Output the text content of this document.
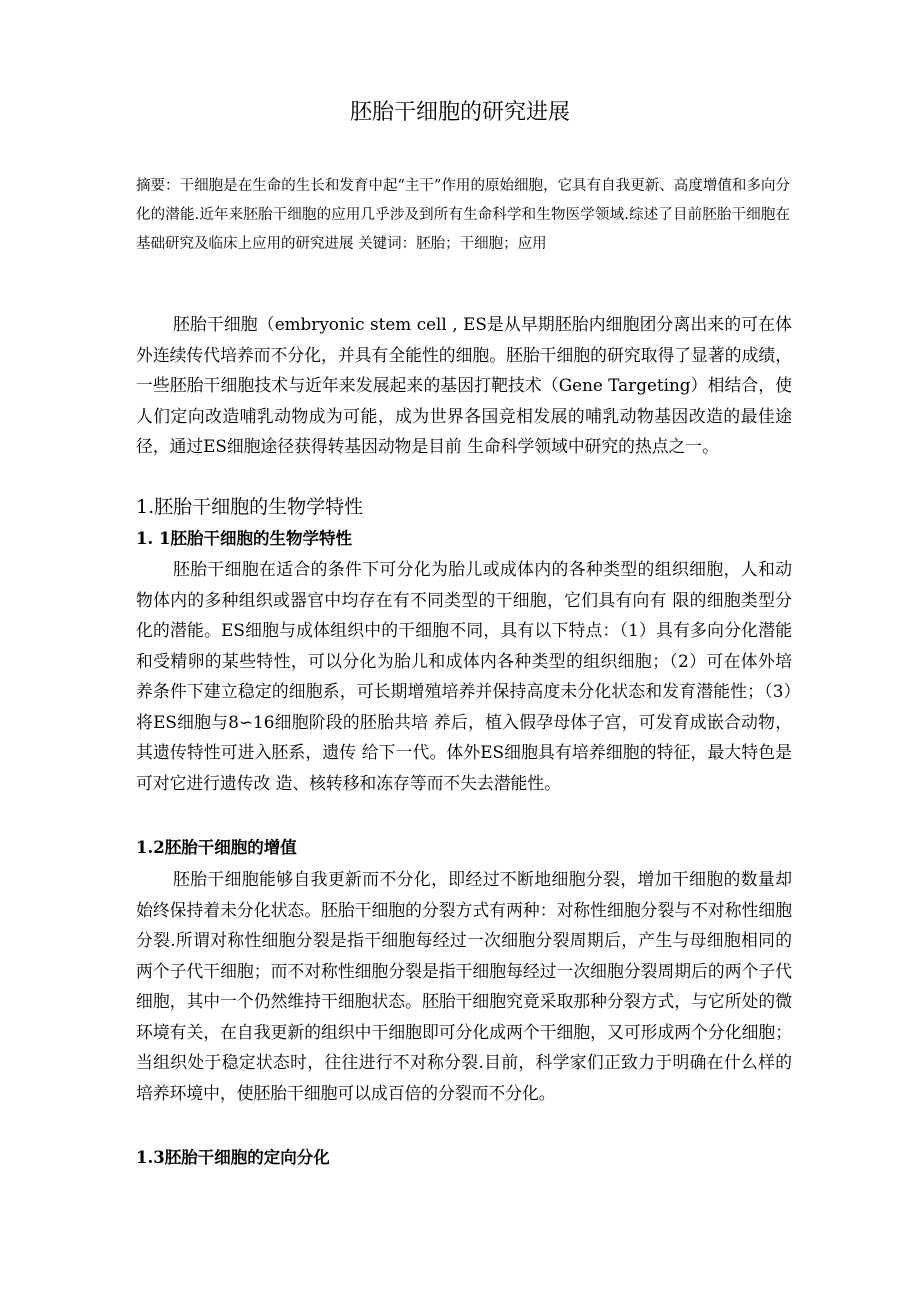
胚胎干细胞的研究进展

摘要：干细胞是在生命的生长和发育中起“主干”作用的原始细胞，它具有自我更新、高度增值和多向分化的潜能.近年来胚胎干细胞的应用几乎涉及到所有生命科学和生物医学领域.综述了目前胚胎干细胞在基础研究及临床上应用的研究进展 关键词：胚胎；干细胞；应用

胚胎干细胞（embryonic stem cell , ES是从早期胚胎内细胞团分离出来的可在体外连续传代培养而不分化，并具有全能性的细胞。胚胎干细胞的研究取得了显著的成绩，一些胚胎干细胞技术与近年来发展起来的基因打靶技术（Gene Targeting）相结合，使人们定向改造哺乳动物成为可能，成为世界各国竞相发展的哺乳动物基因改造的最佳途径，通过ES细胞途径获得转基因动物是目前 生命科学领域中研究的热点之一。

1.胚胎干细胞的生物学特性
1. 1胚胎干细胞的生物学特性

胚胎干细胞在适合的条件下可分化为胎儿或成体内的各种类型的组织细胞，人和动物体内的多种组织或器官中均存在有不同类型的干细胞，它们具有向有 限的细胞类型分化的潜能。ES细胞与成体组织中的干细胞不同，具有以下特点：（1）具有多向分化潜能和受精卵的某些特性，可以分化为胎儿和成体内各种类型的组织细胞；（2）可在体外培养条件下建立稳定的细胞系，可长期增殖培养并保持高度未分化状态和发育潜能性；（3）将ES细胞与8∽16细胞阶段的胚胎共培 养后，植入假孕母体子宫，可发育成嵌合动物，其遗传特性可进入胚系，遗传 给下一代。体外ES细胞具有培养细胞的特征，最大特色是可对它进行遗传改 造、核转移和冻存等而不失去潜能性。

1.2胚胎干细胞的增值

胚胎干细胞能够自我更新而不分化，即经过不断地细胞分裂，增加干细胞的数量却始终保持着未分化状态。胚胎干细胞的分裂方式有两种：对称性细胞分裂与不对称性细胞分裂.所谓对称性细胞分裂是指干细胞每经过一次细胞分裂周期后，产生与母细胞相同的两个子代干细胞；而不对称性细胞分裂是指干细胞每经过一次细胞分裂周期后的两个子代细胞，其中一个仍然维持干细胞状态。胚胎干细胞究竟采取那种分裂方式，与它所处的微环境有关，在自我更新的组织中干细胞即可分化成两个干细胞，又可形成两个分化细胞；当组织处于稳定状态时，往往进行不对称分裂.目前，科学家们正致力于明确在什么样的培养环境中，使胚胎干细胞可以成百倍的分裂而不分化。

1.3胚胎干细胞的定向分化
